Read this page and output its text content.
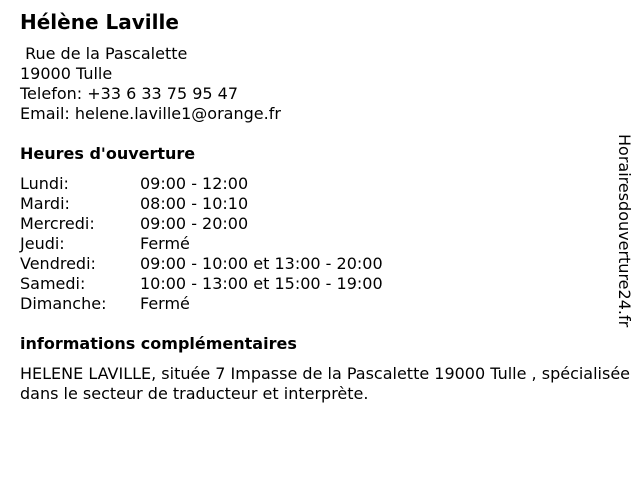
Hélène Laville
Rue de la Pascalette
19000 Tulle
Telefon: +33 6 33 75 95 47
Email: helene.laville1@orange.fr
Heures d'ouverture
Lundi:	09:00 - 12:00
Mardi:	08:00 - 10:10
Mercredi:	09:00 - 20:00
Jeudi:	Fermé
Vendredi:	09:00 - 10:00 et 13:00 - 20:00
Samedi:	10:00 - 13:00 et 15:00 - 19:00
Dimanche:	Fermé
informations complémentaires
HELENE LAVILLE, située 7 Impasse de la Pascalette 19000 Tulle , spécialisée dans le secteur de traducteur et interprète.
Horairesdouverture24.fr
